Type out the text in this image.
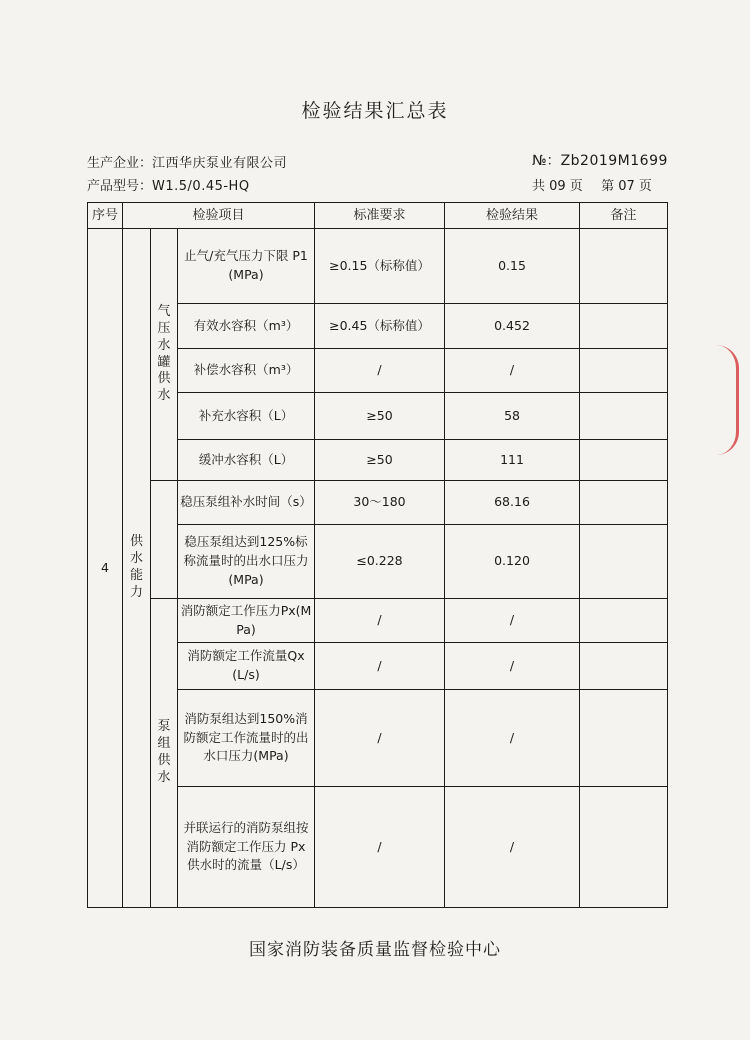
检验结果汇总表
生产企业：江西华庆泵业有限公司
产品型号：W1.5/0.45-HQ
№：Zb2019M1699
共 09 页 第 07 页
序号	检验项目			标准要求	检验结果	备注
4	供水能力	气压水罐供水	止气/充气压力下限 P1(MPa)	≥0.15（标称值）	0.15	
			有效水容积（m³）	≥0.45（标称值）	0.452	
			补偿水容积（m³）	/	/	
			补充水容积（L）	≥50	58	
			缓冲水容积（L）	≥50	111	
			稳压泵组补水时间（s）	30～180	68.16	
			稳压泵组达到125%标称流量时的出水口压力(MPa)	≤0.228	0.120	

		泵组供水	消防额定工作压力Px(MPa)	/	/	
			消防额定工作流量Qx(L/s)	/	/	
			消防泵组达到150%消防额定工作流量时的出水口压力(MPa)	/	/	
			并联运行的消防泵组按消防额定工作压力 Px 供水时的流量（L/s）	/	/	
国家消防装备质量监督检验中心
